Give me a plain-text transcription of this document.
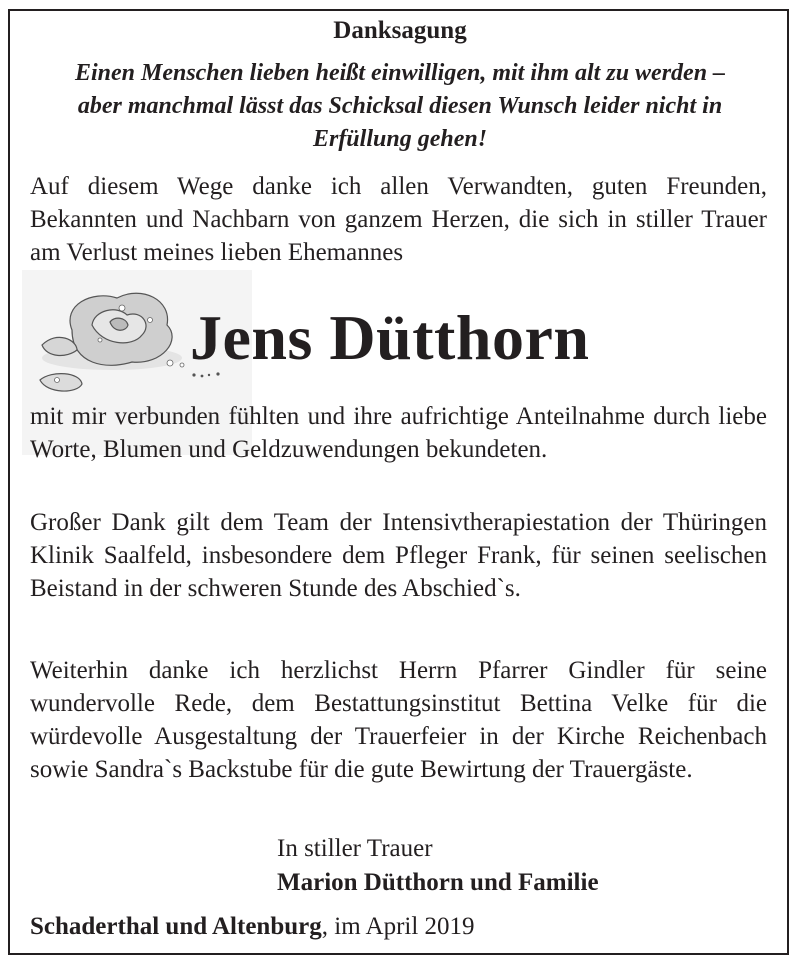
Danksagung
Einen Menschen lieben heißt einwilligen, mit ihm alt zu werden –
aber manchmal lässt das Schicksal diesen Wunsch leider nicht in
Erfüllung gehen!
Auf diesem Wege danke ich allen Verwandten, guten Freunden, Bekannten und Nachbarn von ganzem Herzen, die sich in stiller Trauer am Verlust meines lieben Ehemannes
Jens Dütthorn
mit mir verbunden fühlten und ihre aufrichtige Anteilnahme durch liebe Worte, Blumen und Geldzuwendungen bekundeten.
Großer Dank gilt dem Team der Intensivtherapiestation der Thüringen Klinik Saalfeld, insbesondere dem Pfleger Frank, für seinen seelischen Beistand in der schweren Stunde des Abschied`s.
Weiterhin danke ich herzlichst Herrn Pfarrer Gindler für seine wundervolle Rede, dem Bestattungsinstitut Bettina Velke für die würdevolle Ausgestaltung der Trauerfeier in der Kirche Reichenbach sowie Sandra`s Backstube für die gute Bewirtung der Trauergäste.
In stiller Trauer
Marion Dütthorn und Familie
Schaderthal und Altenburg, im April 2019
